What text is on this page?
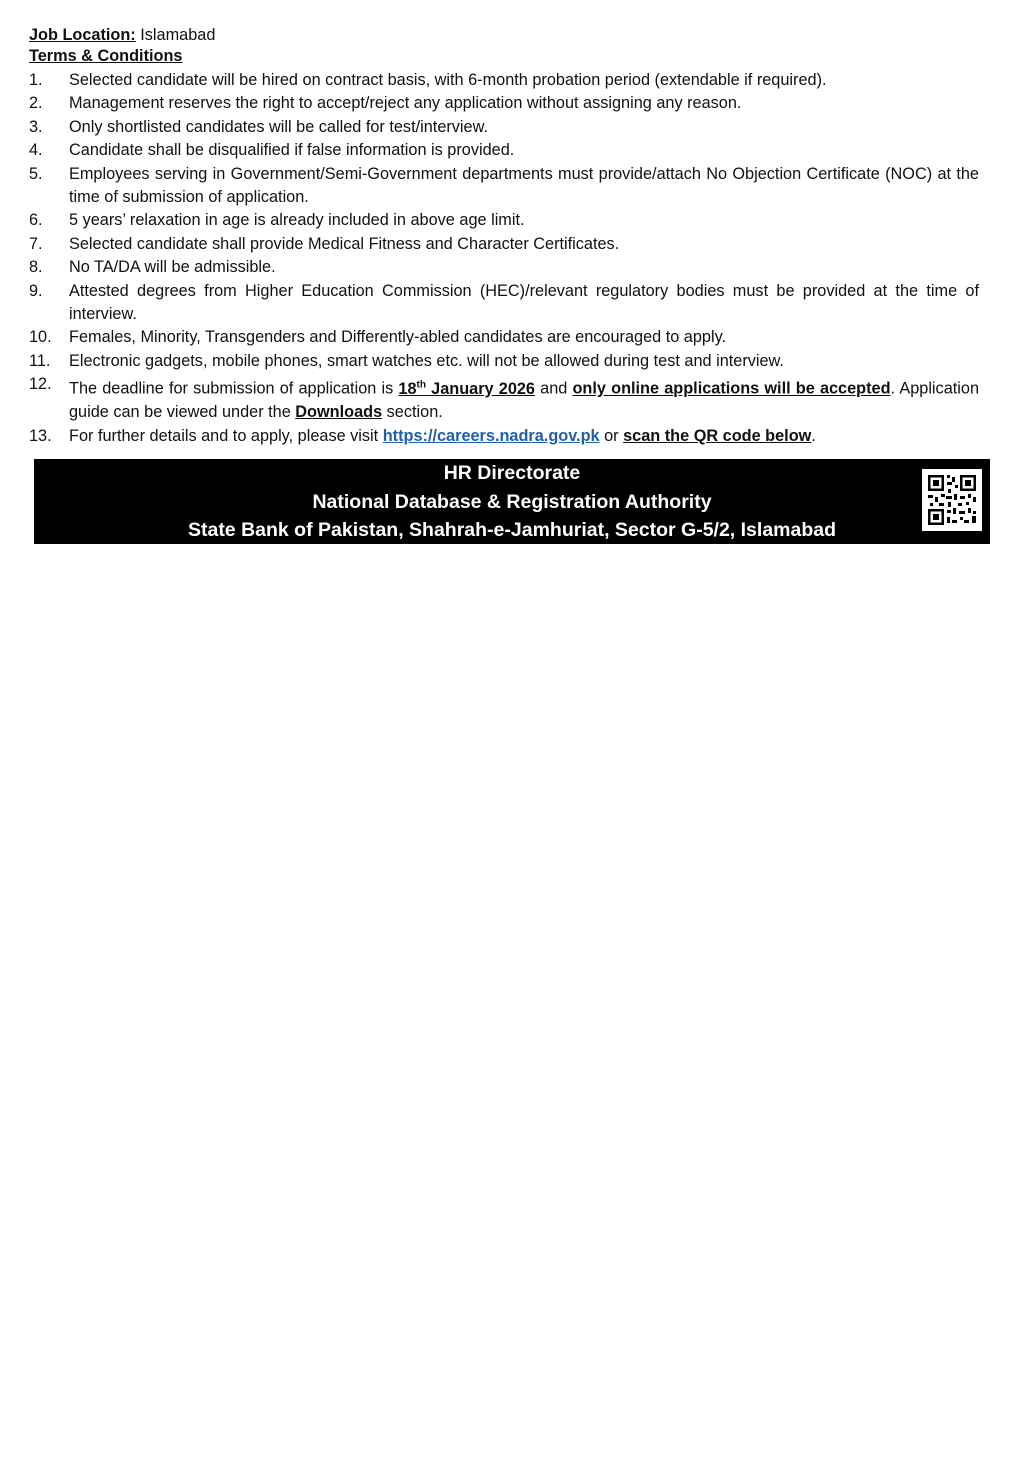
Job Location: Islamabad
Terms & Conditions
1.	Selected candidate will be hired on contract basis, with 6-month probation period (extendable if required).
2.	Management reserves the right to accept/reject any application without assigning any reason.
3.	Only shortlisted candidates will be called for test/interview.
4.	Candidate shall be disqualified if false information is provided.
5.	Employees serving in Government/Semi-Government departments must provide/attach No Objection Certificate (NOC) at the time of submission of application.
6.	5 years’ relaxation in age is already included in above age limit.
7.	Selected candidate shall provide Medical Fitness and Character Certificates.
8.	No TA/DA will be admissible.
9.	Attested degrees from Higher Education Commission (HEC)/relevant regulatory bodies must be provided at the time of interview.
10.	Females, Minority, Transgenders and Differently-abled candidates are encouraged to apply.
11.	Electronic gadgets, mobile phones, smart watches etc. will not be allowed during test and interview.
12.	The deadline for submission of application is 18th January 2026 and only online applications will be accepted. Application guide can be viewed under the Downloads section.
13.	For further details and to apply, please visit https://careers.nadra.gov.pk or scan the QR code below.
HR Directorate
National Database & Registration Authority
State Bank of Pakistan, Shahrah-e-Jamhuriat, Sector G-5/2, Islamabad
